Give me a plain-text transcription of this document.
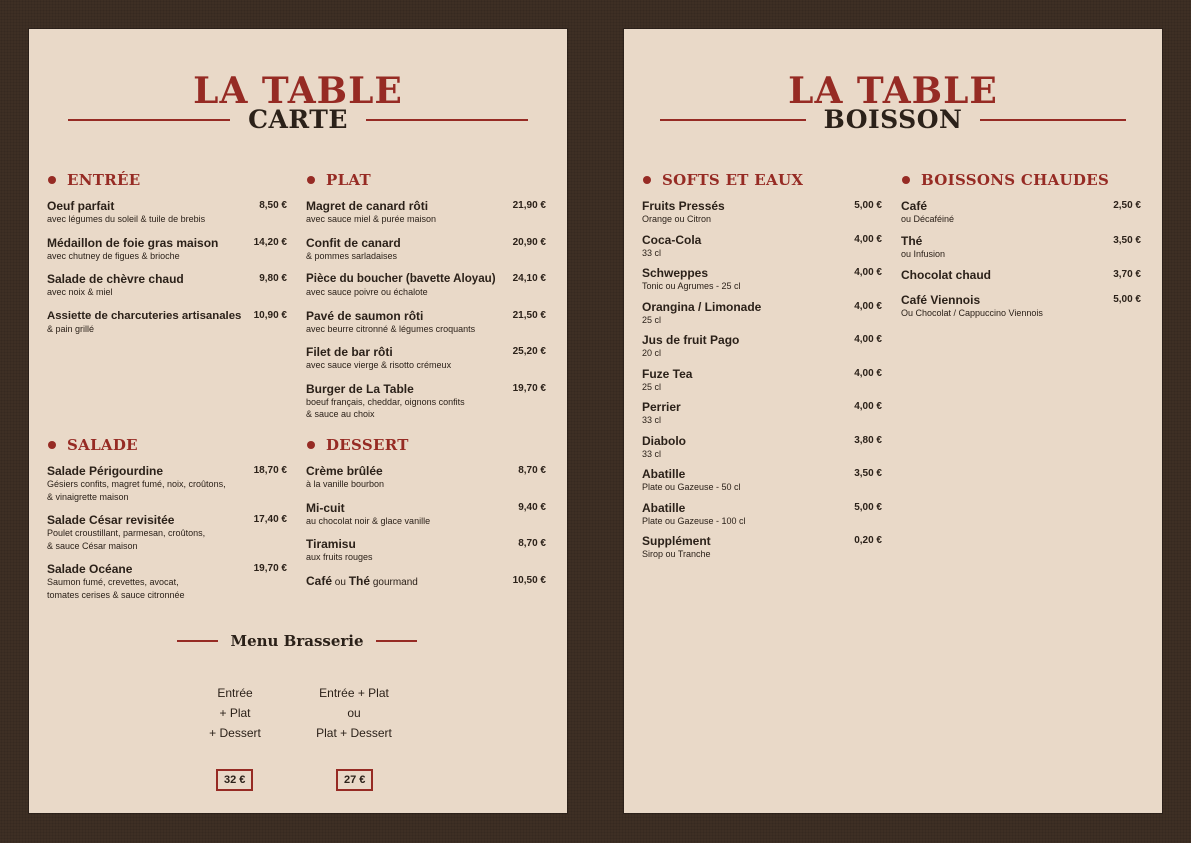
LA TABLE
CARTE
ENTRÉE
Oeuf parfait
avec légumes du soleil & tuile de brebis
8,50 €
Médaillon de foie gras maison
avec chutney de figues & brioche
14,20 €
Salade de chèvre chaud
avec noix & miel
9,80 €
Assiette de charcuteries artisanales
& pain grillé
10,90 €
PLAT
Magret de canard rôti
avec sauce miel & purée maison
21,90 €
Confit de canard
& pommes sarladaises
20,90 €
Pièce du boucher (bavette Aloyau)
avec sauce poivre ou échalote
24,10 €
Pavé de saumon rôti
avec beurre citronné & légumes croquants
21,50 €
Filet de bar rôti
avec sauce vierge & risotto crémeux
25,20 €
Burger de La Table
boeuf français, cheddar, oignons confits
& sauce au choix
19,70 €
SALADE
Salade Périgourdine
Gésiers confits, magret fumé, noix, croûtons,
& vinaigrette maison
18,70 €
Salade César revisitée
Poulet croustillant, parmesan, croûtons,
& sauce César maison
17,40 €
Salade Océane
Saumon fumé, crevettes, avocat,
tomates cerises & sauce citronnée
19,70 €
DESSERT
Crème brûlée
à la vanille bourbon
8,70 €
Mi-cuit
au chocolat noir & glace vanille
9,40 €
Tiramisu
aux fruits rouges
8,70 €
Café ou Thé gourmand	10,50 €
Menu Brasserie
Entrée
+ Plat
+ Dessert
Entrée + Plat
ou
Plat + Dessert
32 €	27 €
LA TABLE
BOISSON
SOFTS ET EAUX
Fruits Pressés
Orange ou Citron
5,00 €
Coca-Cola
33 cl
4,00 €
Schweppes
Tonic ou Agrumes - 25 cl
4,00 €
Orangina / Limonade
25 cl
4,00 €
Jus de fruit Pago
20 cl
4,00 €
Fuze Tea
25 cl
4,00 €
Perrier
33 cl
4,00 €
Diabolo
33 cl
3,80 €
Abatille
Plate ou Gazeuse - 50 cl
3,50 €
Abatille
Plate ou Gazeuse - 100 cl
5,00 €
Supplément
Sirop ou Tranche
0,20 €
BOISSONS CHAUDES
Café
ou Décaféiné
2,50 €
Thé
ou Infusion
3,50 €
Chocolat chaud	3,70 €
Café Viennois
Ou Chocolat / Cappuccino Viennois
5,00 €
